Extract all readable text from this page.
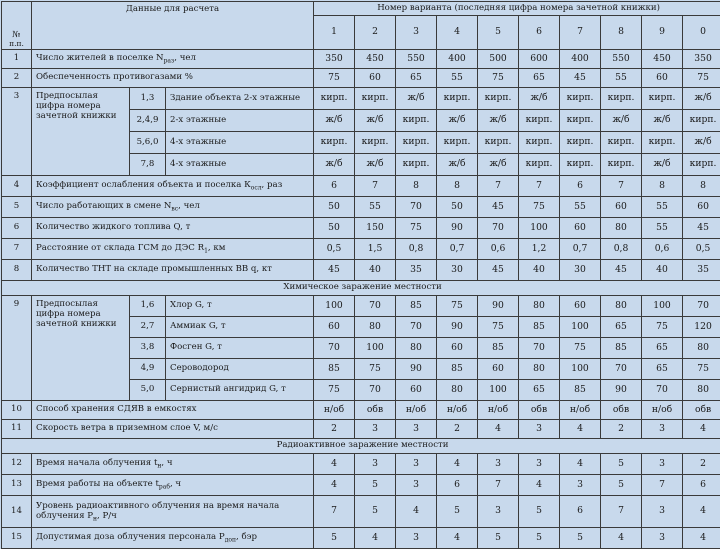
№
п.п.	Данные для расчета			Номер варианта (последняя цифра номера зачетной книжки)									
				1	2	3	4	5	6	7	8	9	0
1	Число жителей в поселке $N_{раз}$, чел			350	450	550	400	500	600	400	550	450	350
2	Обеспеченность противогазами %			75	60	65	55	75	65	45	55	60	75
3	Предпосылая цифра номера зачетной книжки	1,3	Здание объекта 2-х этажные	кирп.	кирп.	ж/б	кирп.	кирп.	ж/б	кирп.	кирп.	кирп.	ж/б
		2,4,9	2-х этажные	ж/б	ж/б	кирп.	ж/б	ж/б	кирп.	кирп.	ж/б	ж/б	кирп.
		5,6,0	4-х этажные	кирп.	кирп.	кирп.	кирп.	кирп.	кирп.	кирп.	кирп.	кирп.	ж/б
		7,8	4-х этажные	ж/б	ж/б	кирп.	ж/б	ж/б	кирп.	кирп.	кирп.	ж/б	кирп.
4	Коэффициент ослабления объекта и поселка $К_{осл}$, раз			6	7	8	8	7	7	6	7	8	8
5	Число работающих в смене $N_{вс}$, чел			50	55	70	50	45	75	55	60	55	60
6	Количество жидкого топлива Q, т			50	150	75	90	70	100	60	80	55	45
7	Расстояние от склада ГСМ до ДЭС $R_1$, км			0,5	1,5	0,8	0,7	0,6	1,2	0,7	0,8	0,6	0,5
8	Количество ТНТ на складе промышленных ВВ q, кт			45	40	35	30	45	40	30	45	40	35
Химическое заражение местности													
9	Предпосылая цифра номера зачетной книжки	1,6	Хлор G, т	100	70	85	75	90	80	60	80	100	70
		2,7	Аммиак G, т	60	80	70	90	75	85	100	65	75	120
		3,8	Фосген G, т	70	100	80	60	85	70	75	85	65	80
		4,9	Сероводород	85	75	90	85	60	80	100	70	65	75
		5,0	Сернистый ангидрид G, т	75	70	60	80	100	65	85	90	70	80
10	Способ хранения СДЯВ в емкостях			н/об	обв	н/об	н/об	н/об	обв	н/об	обв	н/об	обв
11	Скорость ветра в приземном слое V, м/с			2	3	3	2	4	3	4	2	3	4
Радиоактивное заражение местности													
12	Время начала облучения $t_н$, ч			4	3	3	4	3	3	4	5	3	2
13	Время работы на объекте $t_{раб}$, ч			4	5	3	6	7	4	3	5	7	6
14	Уровень радиоактивного облучения на время начала облучения $P_н$, Р/ч			7	5	4	5	3	5	6	7	3	4
15	Допустимая доза облучения персонала $P_{доп}$, бэр			5	4	3	4	5	5	5	4	3	4
